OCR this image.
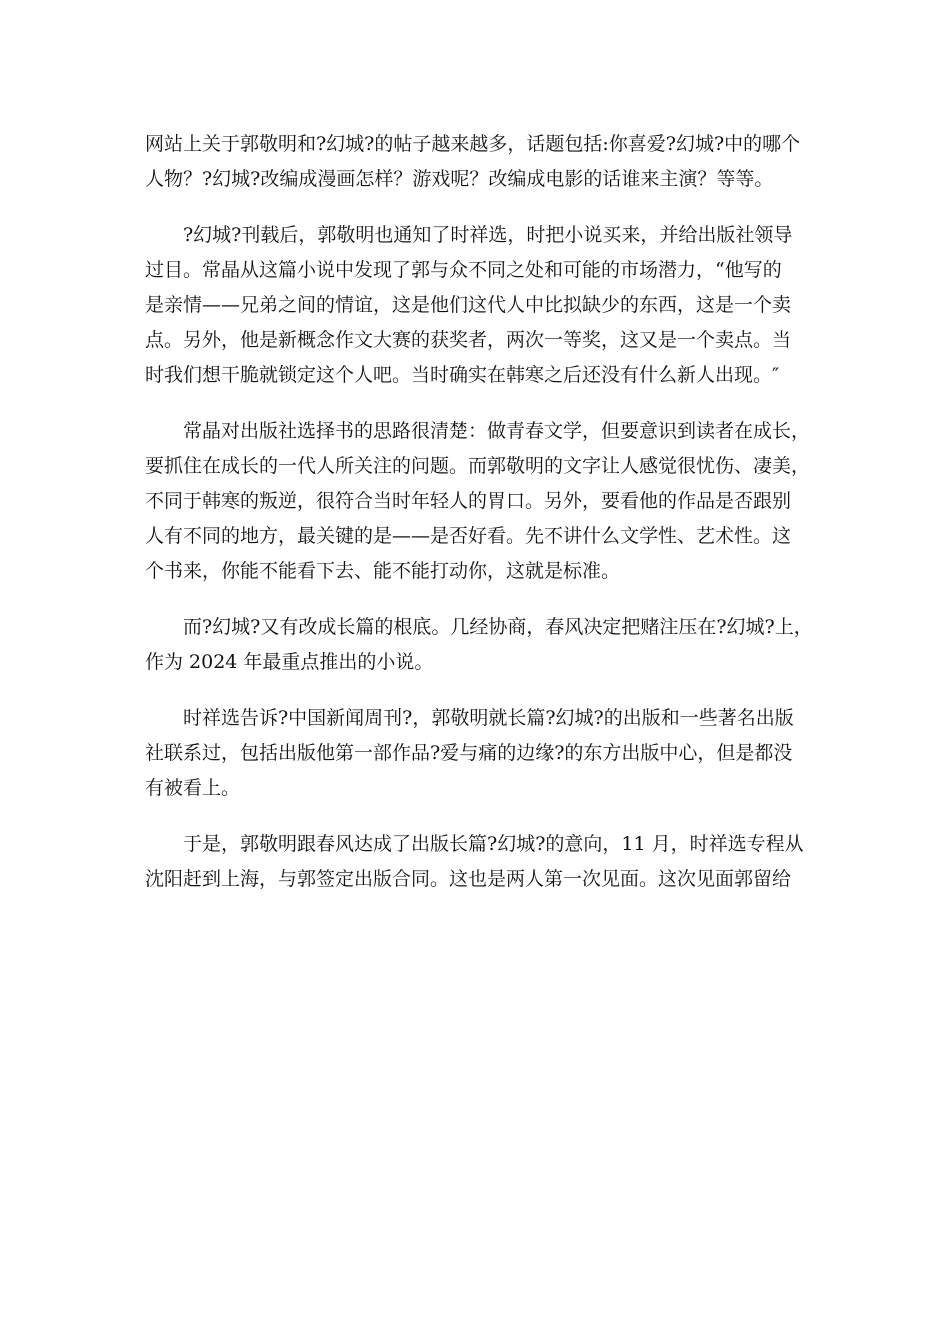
网站上关于郭敬明和?幻城?的帖子越来越多，话题包括:你喜爱?幻城?中的哪个
人物？?幻城?改编成漫画怎样？游戏呢？改编成电影的话谁来主演？等等。
?幻城?刊载后，郭敬明也通知了时祥选，时把小说买来，并给出版社领导
过目。常晶从这篇小说中发现了郭与众不同之处和可能的市场潜力，“他写的
是亲情——兄弟之间的情谊，这是他们这代人中比拟缺少的东西，这是一个卖
点。另外，他是新概念作文大赛的获奖者，两次一等奖，这又是一个卖点。当
时我们想干脆就锁定这个人吧。当时确实在韩寒之后还没有什么新人出现。″
常晶对出版社选择书的思路很清楚：做青春文学，但要意识到读者在成长，
要抓住在成长的一代人所关注的问题。而郭敬明的文字让人感觉很忧伤、凄美，
不同于韩寒的叛逆，很符合当时年轻人的胃口。另外，要看他的作品是否跟别
人有不同的地方，最关键的是——是否好看。先不讲什么文学性、艺术性。这
个书来，你能不能看下去、能不能打动你，这就是标准。
而?幻城?又有改成长篇的根底。几经协商，春风决定把赌注压在?幻城?上，
作为 2024 年最重点推出的小说。
时祥选告诉?中国新闻周刊?，郭敬明就长篇?幻城?的出版和一些著名出版
社联系过，包括出版他第一部作品?爱与痛的边缘?的东方出版中心，但是都没
有被看上。
于是，郭敬明跟春风达成了出版长篇?幻城?的意向，11 月，时祥选专程从
沈阳赶到上海，与郭签定出版合同。这也是两人第一次见面。这次见面郭留给
